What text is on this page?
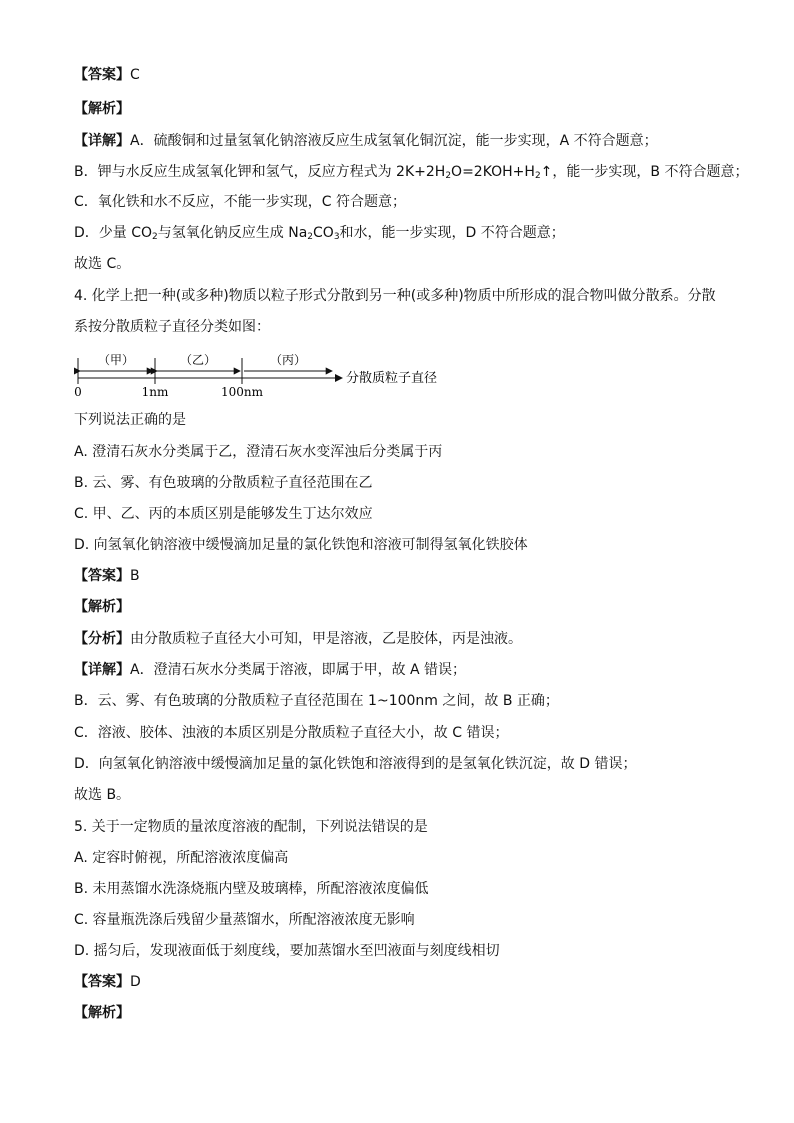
【答案】C
【解析】
【详解】A．硫酸铜和过量氢氧化钠溶液反应生成氢氧化铜沉淀，能一步实现，A 不符合题意；
B．钾与水反应生成氢氧化钾和氢气，反应方程式为 $2K+2H_2O=2KOH+H_2↑$，能一步实现，B 不符合题意；
C．氧化铁和水不反应，不能一步实现，C 符合题意；
D．少量 $CO_2$与氢氧化钠反应生成 $Na_2CO_3$和水，能一步实现，D 不符合题意；
故选 C。
4. 化学上把一种(或多种)物质以粒子形式分散到另一种(或多种)物质中所形成的混合物叫做分散系。分散
系按分散质粒子直径分类如图：
（甲）	（乙）	（丙）
0	1nm	100nm
分散质粒子直径
下列说法正确的是
A. 澄清石灰水分类属于乙，澄清石灰水变浑浊后分类属于丙
B. 云、雾、有色玻璃的分散质粒子直径范围在乙
C. 甲、乙、丙的本质区别是能够发生丁达尔效应
D. 向氢氧化钠溶液中缓慢滴加足量的氯化铁饱和溶液可制得氢氧化铁胶体
【答案】B
【解析】
【分析】由分散质粒子直径大小可知，甲是溶液，乙是胶体，丙是浊液。
【详解】A．澄清石灰水分类属于溶液，即属于甲，故 A 错误；
B．云、雾、有色玻璃的分散质粒子直径范围在 1~100nm 之间，故 B 正确；
C．溶液、胶体、浊液的本质区别是分散质粒子直径大小，故 C 错误；
D．向氢氧化钠溶液中缓慢滴加足量的氯化铁饱和溶液得到的是氢氧化铁沉淀，故 D 错误；
故选 B。
5. 关于一定物质的量浓度溶液的配制，下列说法错误的是
A. 定容时俯视，所配溶液浓度偏高
B. 未用蒸馏水洗涤烧瓶内壁及玻璃棒，所配溶液浓度偏低
C. 容量瓶洗涤后残留少量蒸馏水，所配溶液浓度无影响
D. 摇匀后，发现液面低于刻度线，要加蒸馏水至凹液面与刻度线相切
【答案】D
【解析】
